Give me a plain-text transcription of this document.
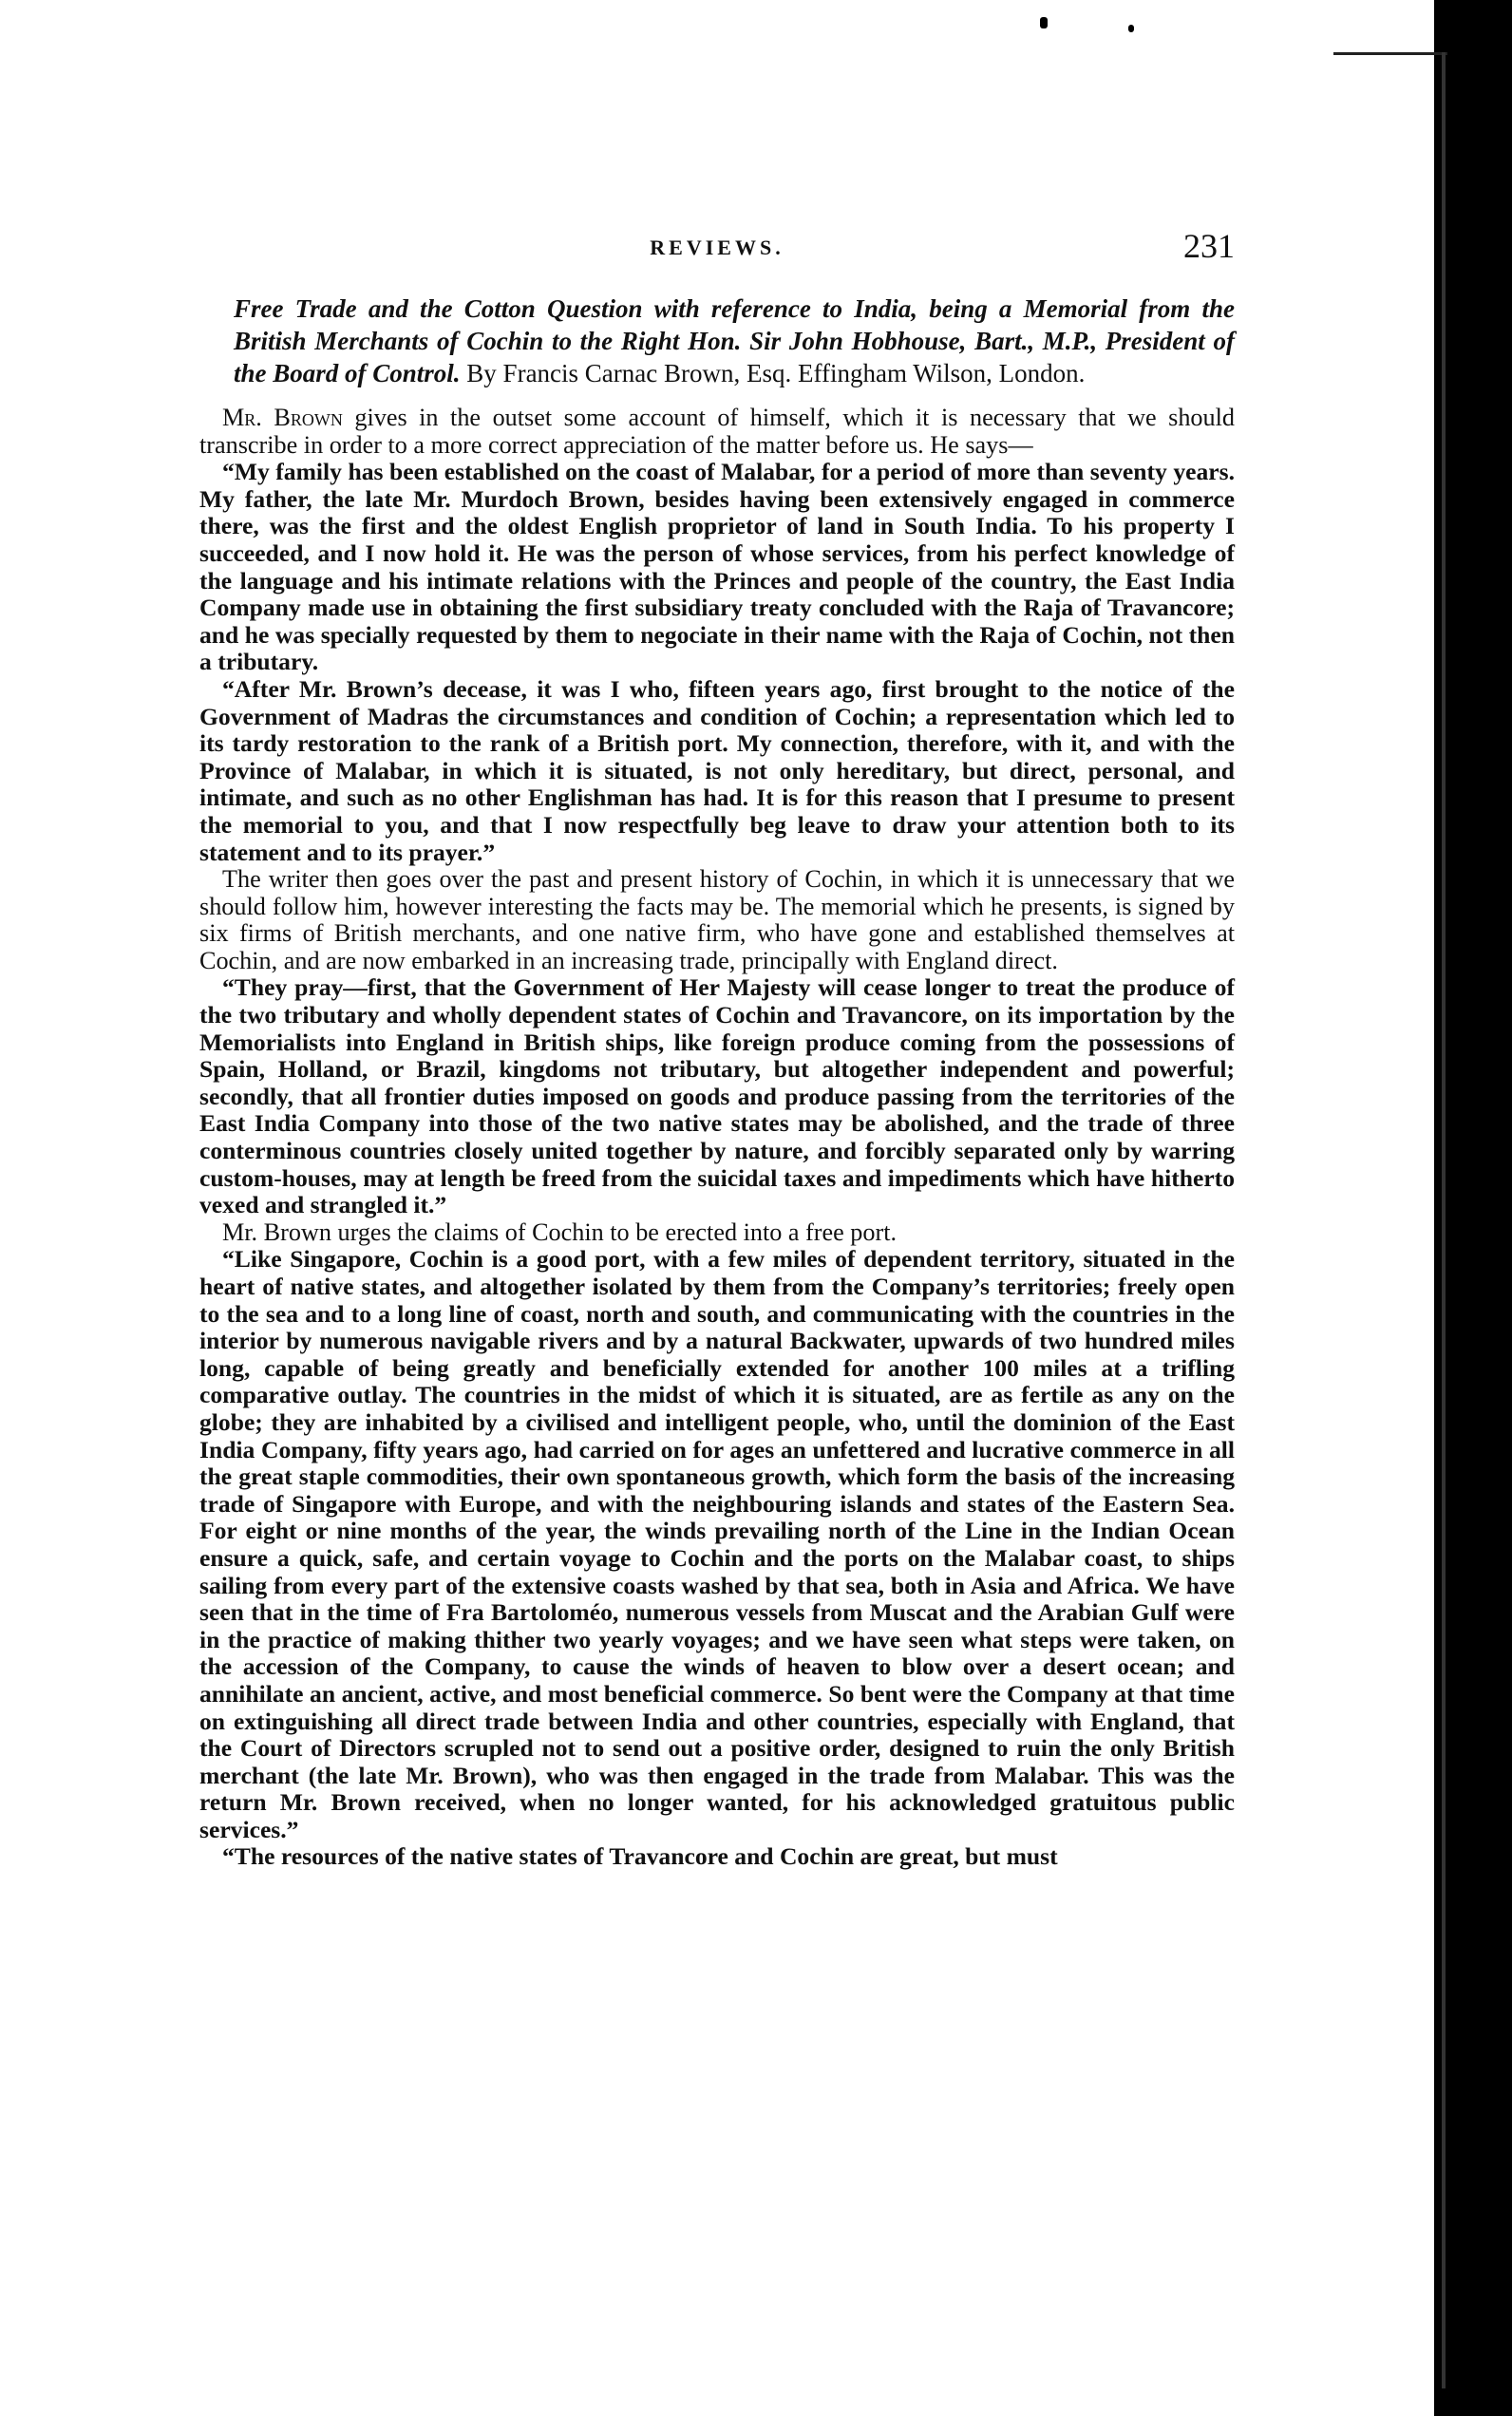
REVIEWS.	231

Free Trade and the Cotton Question with reference to India, being a Memorial from the British Merchants of Cochin to the Right Hon. Sir John Hobhouse, Bart., M.P., President of the Board of Control. By Francis Carnac Brown, Esq. Effingham Wilson, London.

Mr. Brown gives in the outset some account of himself, which it is necessary that we should transcribe in order to a more correct appreciation of the matter before us. He says—

“My family has been established on the coast of Malabar, for a period of more than seventy years. My father, the late Mr. Murdoch Brown, besides having been extensively engaged in commerce there, was the first and the oldest English proprietor of land in South India. To his property I succeeded, and I now hold it. He was the person of whose services, from his perfect knowledge of the language and his intimate relations with the Princes and people of the country, the East India Company made use in obtaining the first subsidiary treaty concluded with the Raja of Travancore; and he was specially requested by them to negociate in their name with the Raja of Cochin, not then a tributary.

“After Mr. Brown’s decease, it was I who, fifteen years ago, first brought to the notice of the Government of Madras the circumstances and condition of Cochin; a representation which led to its tardy restoration to the rank of a British port. My connection, therefore, with it, and with the Province of Malabar, in which it is situated, is not only hereditary, but direct, personal, and intimate, and such as no other Englishman has had. It is for this reason that I presume to present the memorial to you, and that I now respectfully beg leave to draw your attention both to its statement and to its prayer.”

The writer then goes over the past and present history of Cochin, in which it is unnecessary that we should follow him, however interesting the facts may be. The memorial which he presents, is signed by six firms of British merchants, and one native firm, who have gone and established themselves at Cochin, and are now embarked in an increasing trade, principally with England direct.

“They pray—first, that the Government of Her Majesty will cease longer to treat the produce of the two tributary and wholly dependent states of Cochin and Travancore, on its importation by the Memorialists into England in British ships, like foreign produce coming from the possessions of Spain, Holland, or Brazil, kingdoms not tributary, but altogether independent and powerful; secondly, that all frontier duties imposed on goods and produce passing from the territories of the East India Company into those of the two native states may be abolished, and the trade of three conterminous countries closely united together by nature, and forcibly separated only by warring custom-houses, may at length be freed from the suicidal taxes and impediments which have hitherto vexed and strangled it.”

Mr. Brown urges the claims of Cochin to be erected into a free port.

“Like Singapore, Cochin is a good port, with a few miles of dependent territory, situated in the heart of native states, and altogether isolated by them from the Company’s territories; freely open to the sea and to a long line of coast, north and south, and communicating with the countries in the interior by numerous navigable rivers and by a natural Backwater, upwards of two hundred miles long, capable of being greatly and beneficially extended for another 100 miles at a trifling comparative outlay. The countries in the midst of which it is situated, are as fertile as any on the globe; they are inhabited by a civilised and intelligent people, who, until the dominion of the East India Company, fifty years ago, had carried on for ages an unfettered and lucrative commerce in all the great staple commodities, their own spontaneous growth, which form the basis of the increasing trade of Singapore with Europe, and with the neighbouring islands and states of the Eastern Sea. For eight or nine months of the year, the winds prevailing north of the Line in the Indian Ocean ensure a quick, safe, and certain voyage to Cochin and the ports on the Malabar coast, to ships sailing from every part of the extensive coasts washed by that sea, both in Asia and Africa. We have seen that in the time of Fra Bartoloméo, numerous vessels from Muscat and the Arabian Gulf were in the practice of making thither two yearly voyages; and we have seen what steps were taken, on the accession of the Company, to cause the winds of heaven to blow over a desert ocean; and annihilate an ancient, active, and most beneficial commerce. So bent were the Company at that time on extinguishing all direct trade between India and other countries, especially with England, that the Court of Directors scrupled not to send out a positive order, designed to ruin the only British merchant (the late Mr. Brown), who was then engaged in the trade from Malabar. This was the return Mr. Brown received, when no longer wanted, for his acknowledged gratuitous public services.”

“The resources of the native states of Travancore and Cochin are great, but must
